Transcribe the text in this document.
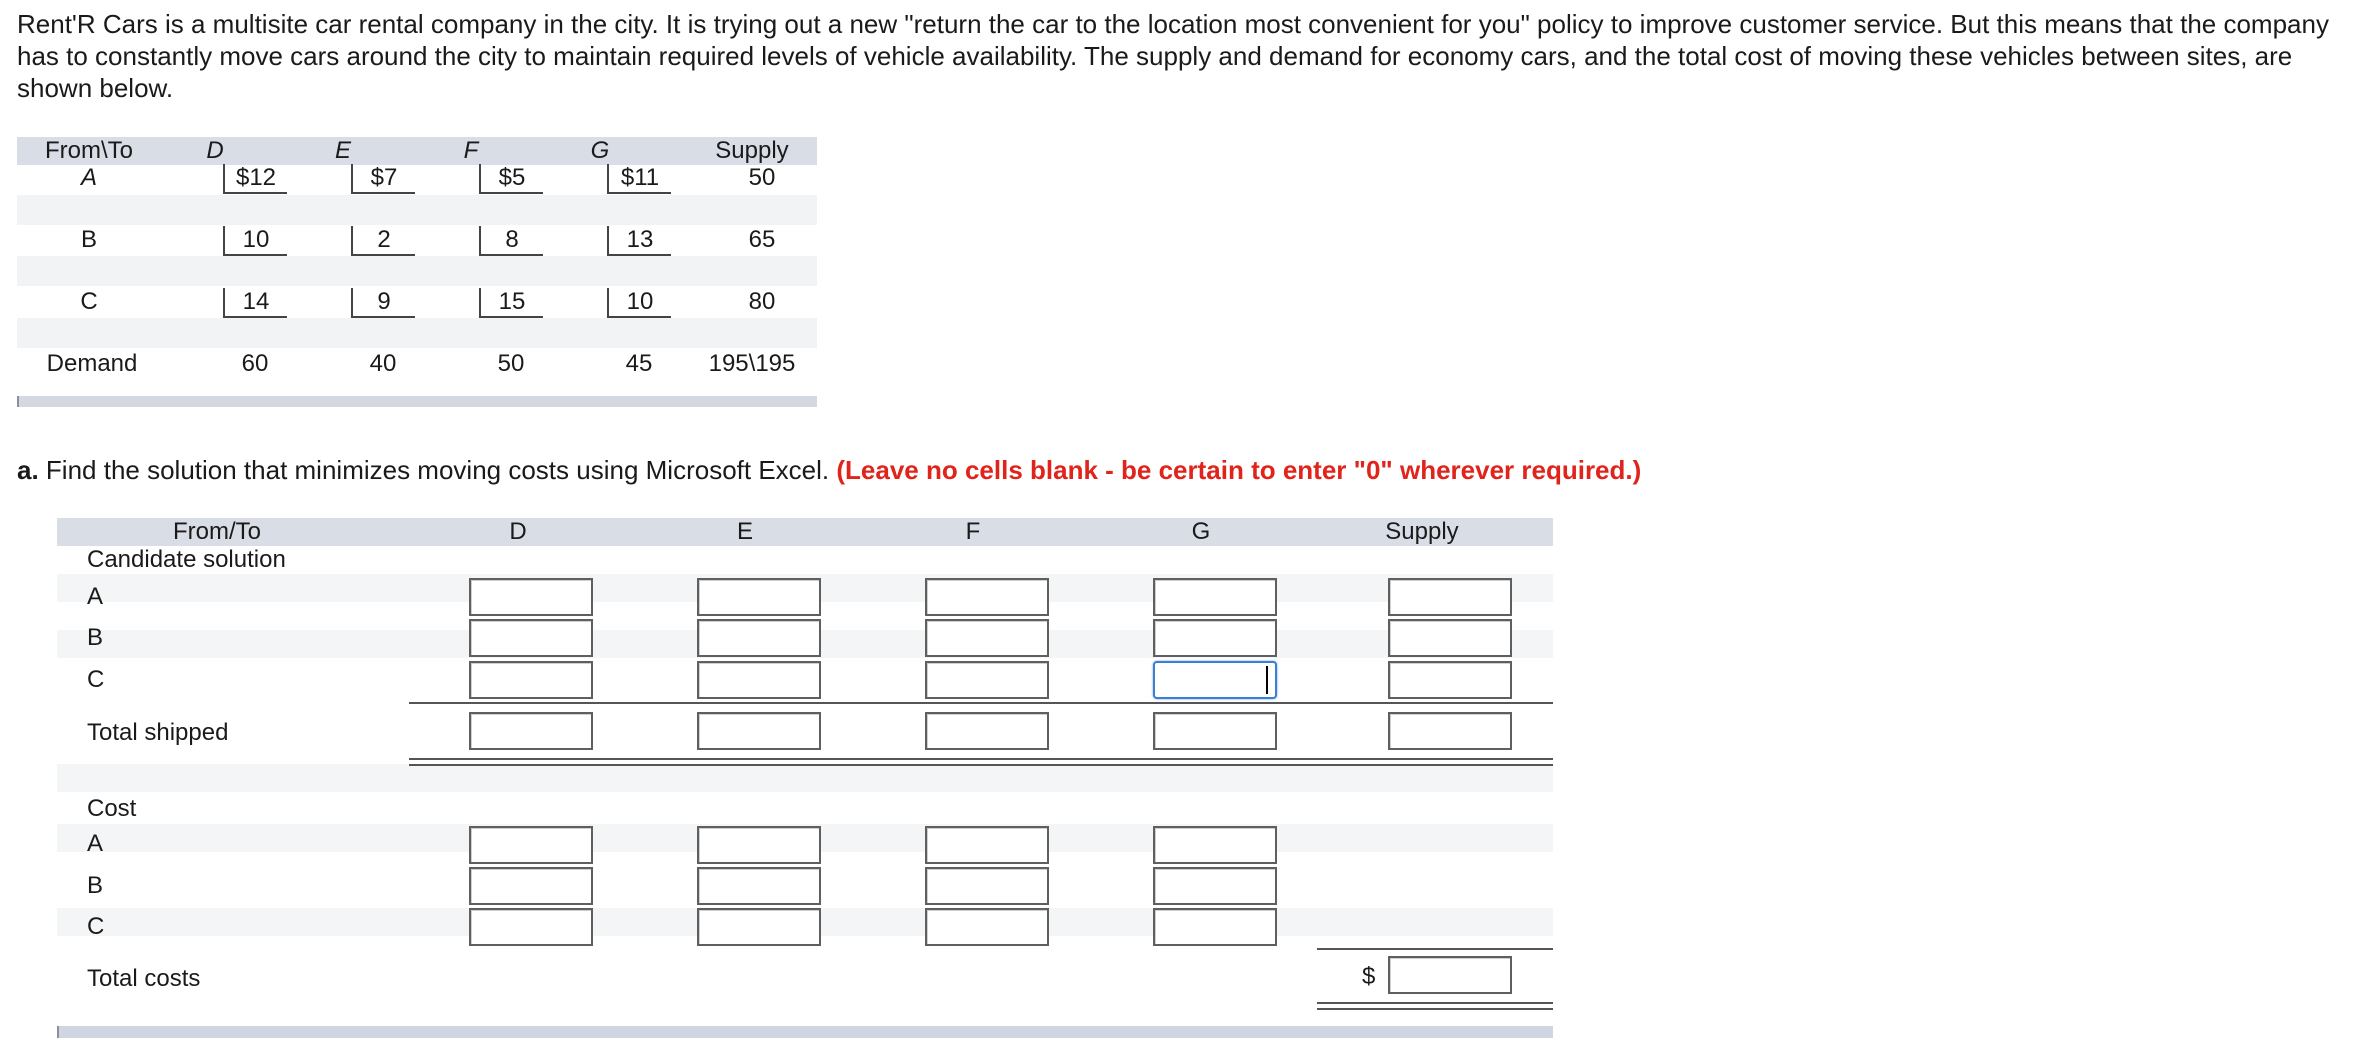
Rent'R Cars is a multisite car rental company in the city. It is trying out a new "return the car to the location most convenient for you" policy to improve customer service. But this means that the company has to constantly move cars around the city to maintain required levels of vehicle availability. The supply and demand for economy cars, and the total cost of moving these vehicles between sites, are shown below.

From\To	D	E	F	G	Supply
A	$12	$7	$5	$11	50
B	10	2	8	13	65
C	14	9	15	10	80
Demand	60	40	50	45	195\195
a. Find the solution that minimizes moving costs using Microsoft Excel. (Leave no cells blank - be certain to enter "0" wherever required.)
From/To	D	E	F	G	Supply
Candidate solution
A
B
C
Total shipped
Cost
A
B
C
Total costs	$
